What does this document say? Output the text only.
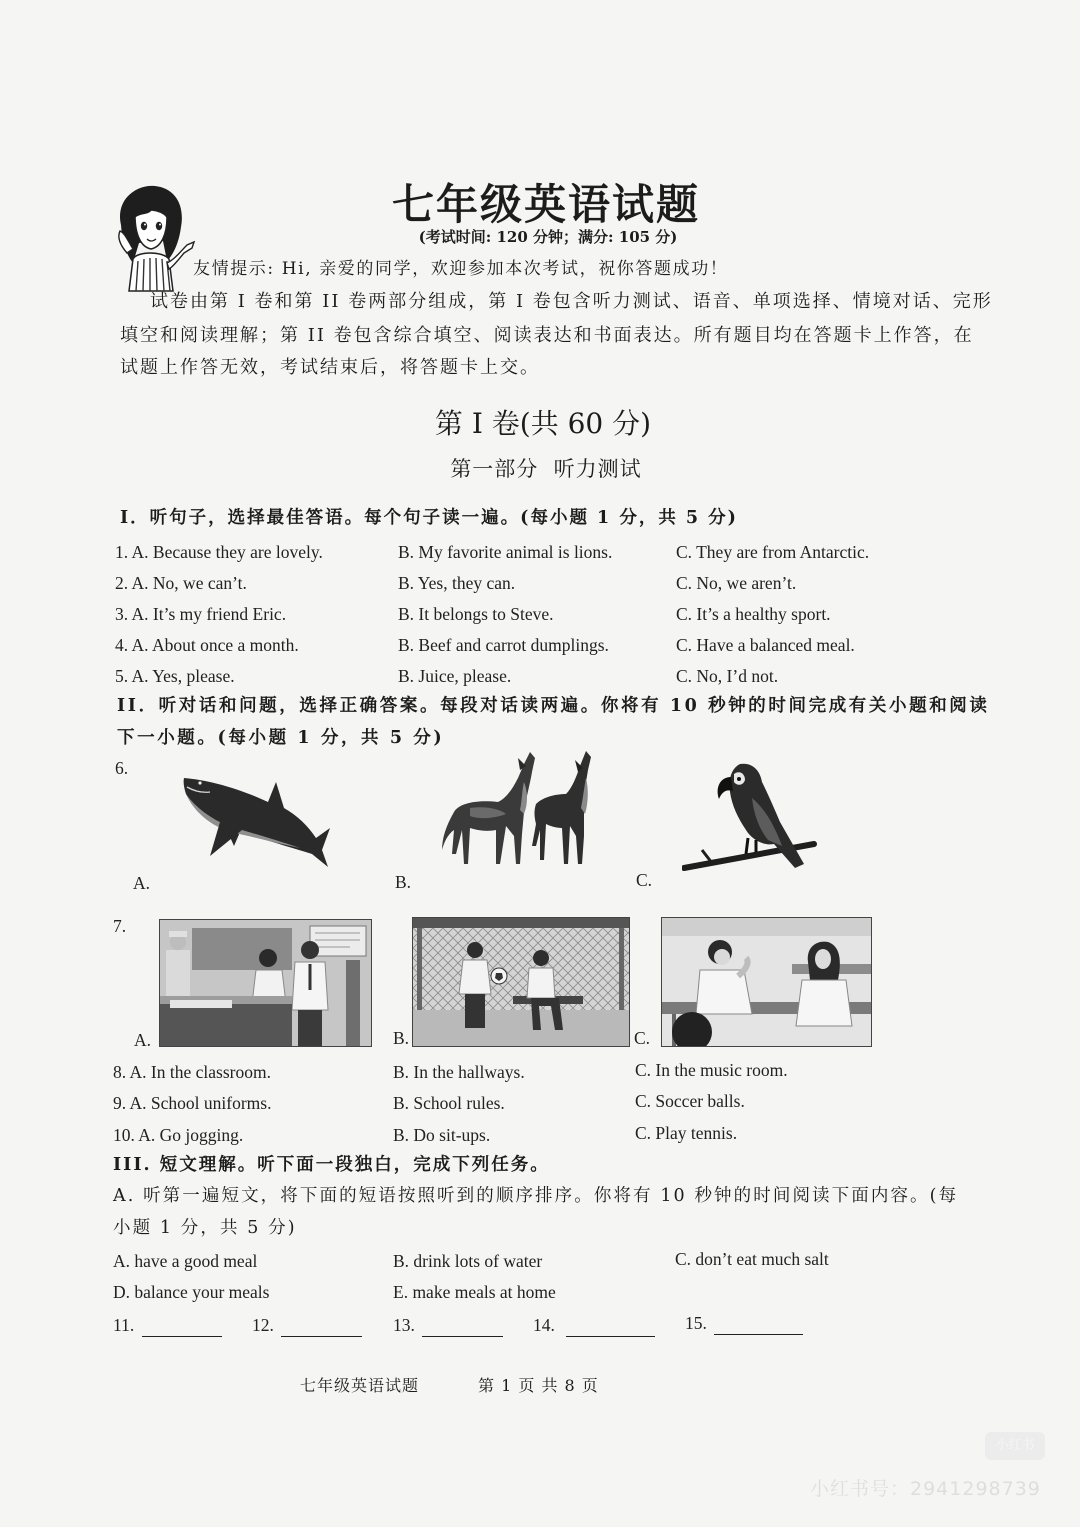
七年级英语试题
(考试时间: 120 分钟；满分: 105 分)
友情提示: Hi, 亲爱的同学，欢迎参加本次考试，祝你答题成功！
试卷由第 I 卷和第 II 卷两部分组成，第 I 卷包含听力测试、语音、单项选择、情境对话、完形
填空和阅读理解；第 II 卷包含综合填空、阅读表达和书面表达。所有题目均在答题卡上作答，在
试题上作答无效，考试结束后，将答题卡上交。
第 I 卷(共 60 分)
第一部分  听力测试
I．听句子，选择最佳答语。每个句子读一遍。(每小题 1 分，共 5 分)
1. A. Because they are lovely.	B. My favorite animal is lions.	C. They are from Antarctic.
2. A. No, we can’t.	B. Yes, they can.	C. No, we aren’t.
3. A. It’s my friend Eric.	B. It belongs to Steve.	C. It’s a healthy sport.
4. A. About once a month.	B. Beef and carrot dumplings.	C. Have a balanced meal.
5. A. Yes, please.	B. Juice, please.	C. No, I’d not.
II．听对话和问题，选择正确答案。每段对话读两遍。你将有 10 秒钟的时间完成有关小题和阅读
下一小题。(每小题 1 分，共 5 分)
6.
A.	B.	C.
7.
A.	B.	C.
8. A. In the classroom.	B. In the hallways.	C. In the music room.
9. A. School uniforms.	B. School rules.	C. Soccer balls.
10. A. Go jogging.	B. Do sit-ups.	C. Play tennis.
III. 短文理解。听下面一段独白，完成下列任务。
A. 听第一遍短文，将下面的短语按照听到的顺序排序。你将有 10 秒钟的时间阅读下面内容。(每
小题 1 分，共 5 分)
A. have a good meal	B. drink lots of water	C. don’t eat much salt
D. balance your meals	E. make meals at home
11.	12.	13.	14.	15.
七年级英语试题	第 1 页 共 8 页
小红书
小红书号：2941298739
